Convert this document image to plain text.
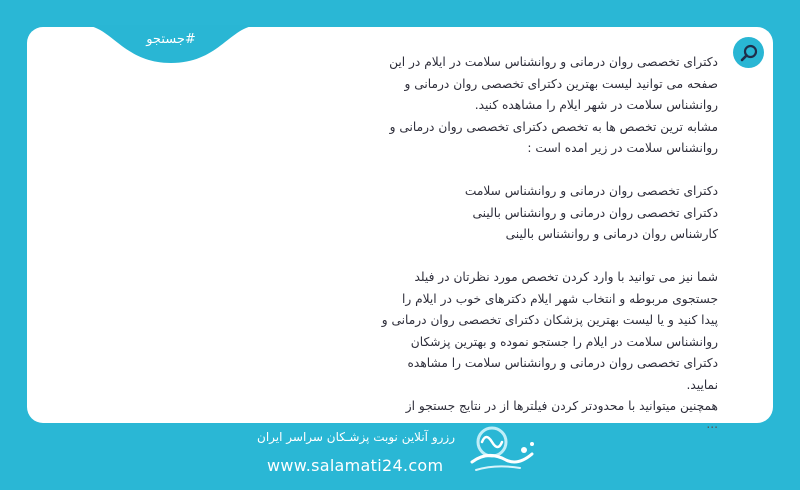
#جستجو

دکترای تخصصی روان درمانی و روانشناس سلامت در ایلام در این

صفحه می توانید لیست بهترین دکترای تخصصی روان درمانی و

روانشناس سلامت در شهر ایلام را مشاهده کنید.

مشابه ترین تخصص ها به تخصص دکترای تخصصی روان درمانی و

روانشناس سلامت در زیر امده است :

دکترای تخصصی روان درمانی و روانشناس سلامت

دکترای تخصصی روان درمانی و روانشناس بالینی

کارشناس روان درمانی و روانشناس بالینی

شما نیز می توانید با وارد کردن تخصص مورد نظرتان در فیلد

جستجوی مربوطه و انتخاب شهر ایلام دکترهای خوب در ایلام را

پیدا کنید و یا لیست بهترین پزشکان دکترای تخصصی روان درمانی و

روانشناس سلامت در ایلام را جستجو نموده و بهترین پزشکان

دکترای تخصصی روان درمانی و روانشناس سلامت را مشاهده نمایید.

همچنین میتوانید با محدودتر کردن فیلترها از در نتایج جستجو از

...

رزرو آنلاین نوبت پزشـکان سراسر ایران
www.salamati24.com
